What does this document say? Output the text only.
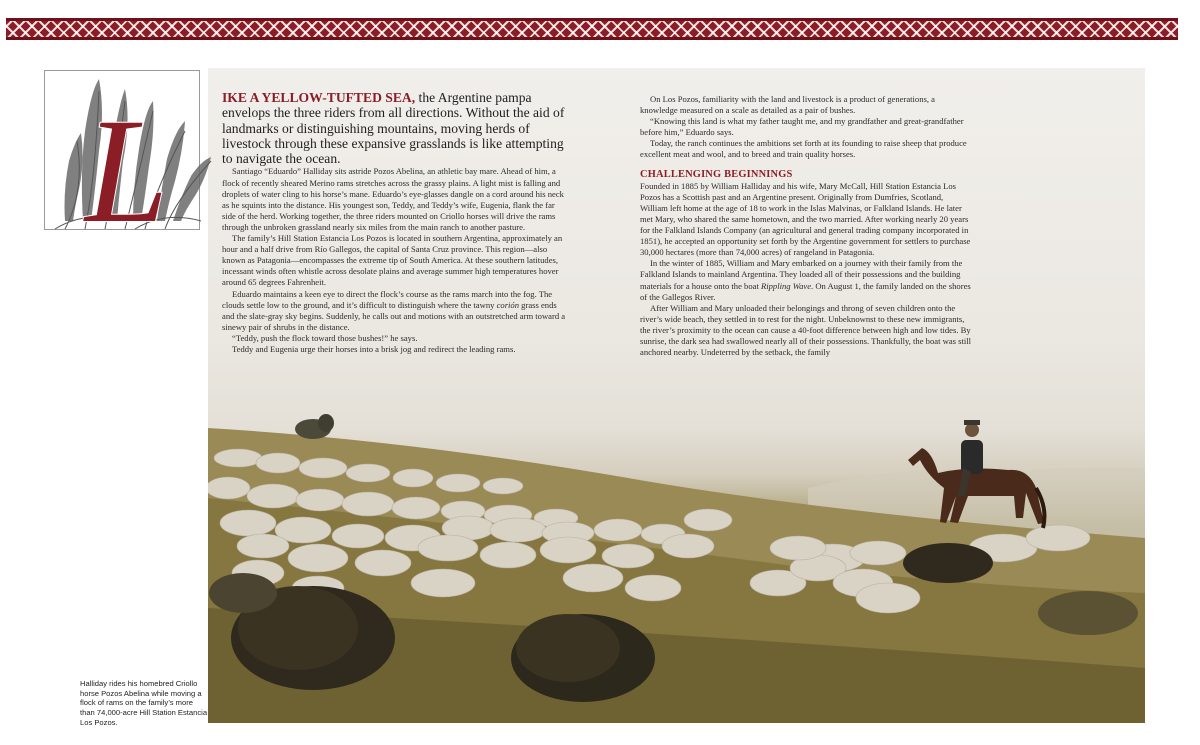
L	IKE A YELLOW-TUFTED SEA, the Argentine pampa envelops the three riders from all directions. Without the aid of landmarks or distinguishing mountains, moving herds of livestock through these expansive grasslands is like attempting to navigate the ocean.

Santiago “Eduardo” Halliday sits astride Pozos Abelina, an athletic bay mare. Ahead of him, a flock of recently sheared Merino rams stretches across the grassy plains. A light mist is falling and droplets of water cling to his horse’s mane. Eduardo’s eye-glasses dangle on a cord around his neck as he squints into the distance. His youngest son, Teddy, and Teddy’s wife, Eugenia, flank the far side of the herd. Working together, the three riders mounted on Criollo horses will drive the rams through the unbroken grassland nearly six miles from the main ranch to another pasture.

The family’s Hill Station Estancia Los Pozos is located in southern Argentina, approximately an hour and a half drive from Río Gallegos, the capital of Santa Cruz province. This region—also known as Patagonia—encompasses the extreme tip of South America. At these southern latitudes, incessant winds often whistle across desolate plains and average summer high temperatures hover around 65 degrees Fahrenheit.

Eduardo maintains a keen eye to direct the flock’s course as the rams march into the fog. The clouds settle low to the ground, and it’s difficult to distinguish where the tawny corión grass ends and the slate-gray sky begins. Suddenly, he calls out and motions with an outstretched arm toward a sinewy pair of shrubs in the distance.

“Teddy, push the flock toward those bushes!” he says.

Teddy and Eugenia urge their horses into a brisk jog and redirect the leading rams.

On Los Pozos, familiarity with the land and livestock is a product of generations, a knowledge measured on a scale as detailed as a pair of bushes.

“Knowing this land is what my father taught me, and my grandfather and great-grandfather before him,” Eduardo says.

Today, the ranch continues the ambitions set forth at its founding to raise sheep that produce excellent meat and wool, and to breed and train quality horses.

CHALLENGING BEGINNINGS

Founded in 1885 by William Halliday and his wife, Mary McCall, Hill Station Estancia Los Pozos has a Scottish past and an Argentine present. Originally from Dumfries, Scotland, William left home at the age of 18 to work in the Islas Malvinas, or Falkland Islands. He later met Mary, who shared the same hometown, and the two married. After working nearly 20 years for the Falkland Islands Company (an agricultural and general trading company incorporated in 1851), he accepted an opportunity set forth by the Argentine government for settlers to purchase 30,000 hectares (more than 74,000 acres) of rangeland in Patagonia.

In the winter of 1885, William and Mary embarked on a journey with their family from the Falkland Islands to mainland Argentina. They loaded all of their possessions and the building materials for a house onto the boat Rippling Wave. On August 1, the family landed on the shores of the Gallegos River.

After William and Mary unloaded their belongings and throng of seven children onto the river’s wide beach, they settled in to rest for the night. Unbeknownst to these new immigrants, the river’s proximity to the ocean can cause a 40-foot difference between high and low tides. By sunrise, the dark sea had swallowed nearly all of their possessions. Thankfully, the boat was still anchored nearby. Undeterred by the setback, the family

Halliday rides his homebred Criollo horse Pozos Abelina while moving a flock of rams on the family’s more than 74,000-acre Hill Station Estancia Los Pozos.
